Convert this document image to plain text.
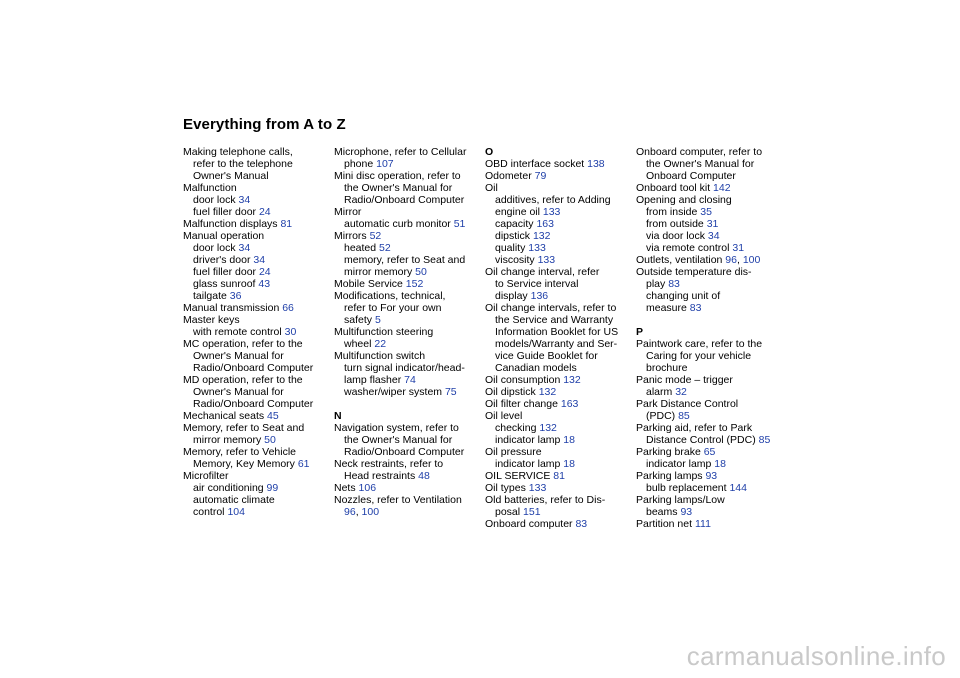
Everything from A to Z
Making telephone calls,
refer to the telephone
Owner's Manual
Malfunction
door lock 34
fuel filler door 24
Malfunction displays 81
Manual operation
door lock 34
driver's door 34
fuel filler door 24
glass sunroof 43
tailgate 36
Manual transmission 66
Master keys
with remote control 30
MC operation, refer to the
Owner's Manual for
Radio/Onboard Computer
MD operation, refer to the
Owner's Manual for
Radio/Onboard Computer
Mechanical seats 45
Memory, refer to Seat and
mirror memory 50
Memory, refer to Vehicle
Memory, Key Memory 61
Microfilter
air conditioning 99
automatic climate
control 104
Microphone, refer to Cellular
phone 107
Mini disc operation, refer to
the Owner's Manual for
Radio/Onboard Computer
Mirror
automatic curb monitor 51
Mirrors 52
heated 52
memory, refer to Seat and
mirror memory 50
Mobile Service 152
Modifications, technical,
refer to For your own
safety 5
Multifunction steering
wheel 22
Multifunction switch
turn signal indicator/head-
lamp flasher 74
washer/wiper system 75
N
Navigation system, refer to
the Owner's Manual for
Radio/Onboard Computer
Neck restraints, refer to
Head restraints 48
Nets 106
Nozzles, refer to Ventilation
96, 100
O
OBD interface socket 138
Odometer 79
Oil
additives, refer to Adding
engine oil 133
capacity 163
dipstick 132
quality 133
viscosity 133
Oil change interval, refer
to Service interval
display 136
Oil change intervals, refer to
the Service and Warranty
Information Booklet for US
models/Warranty and Ser-
vice Guide Booklet for
Canadian models
Oil consumption 132
Oil dipstick 132
Oil filter change 163
Oil level
checking 132
indicator lamp 18
Oil pressure
indicator lamp 18
OIL SERVICE 81
Oil types 133
Old batteries, refer to Dis-
posal 151
Onboard computer 83
Onboard computer, refer to
the Owner's Manual for
Onboard Computer
Onboard tool kit 142
Opening and closing
from inside 35
from outside 31
via door lock 34
via remote control 31
Outlets, ventilation 96, 100
Outside temperature dis-
play 83
changing unit of
measure 83
P
Paintwork care, refer to the
Caring for your vehicle
brochure
Panic mode – trigger
alarm 32
Park Distance Control
(PDC) 85
Parking aid, refer to Park
Distance Control (PDC) 85
Parking brake 65
indicator lamp 18
Parking lamps 93
bulb replacement 144
Parking lamps/Low
beams 93
Partition net 111
carmanualsonline.info
